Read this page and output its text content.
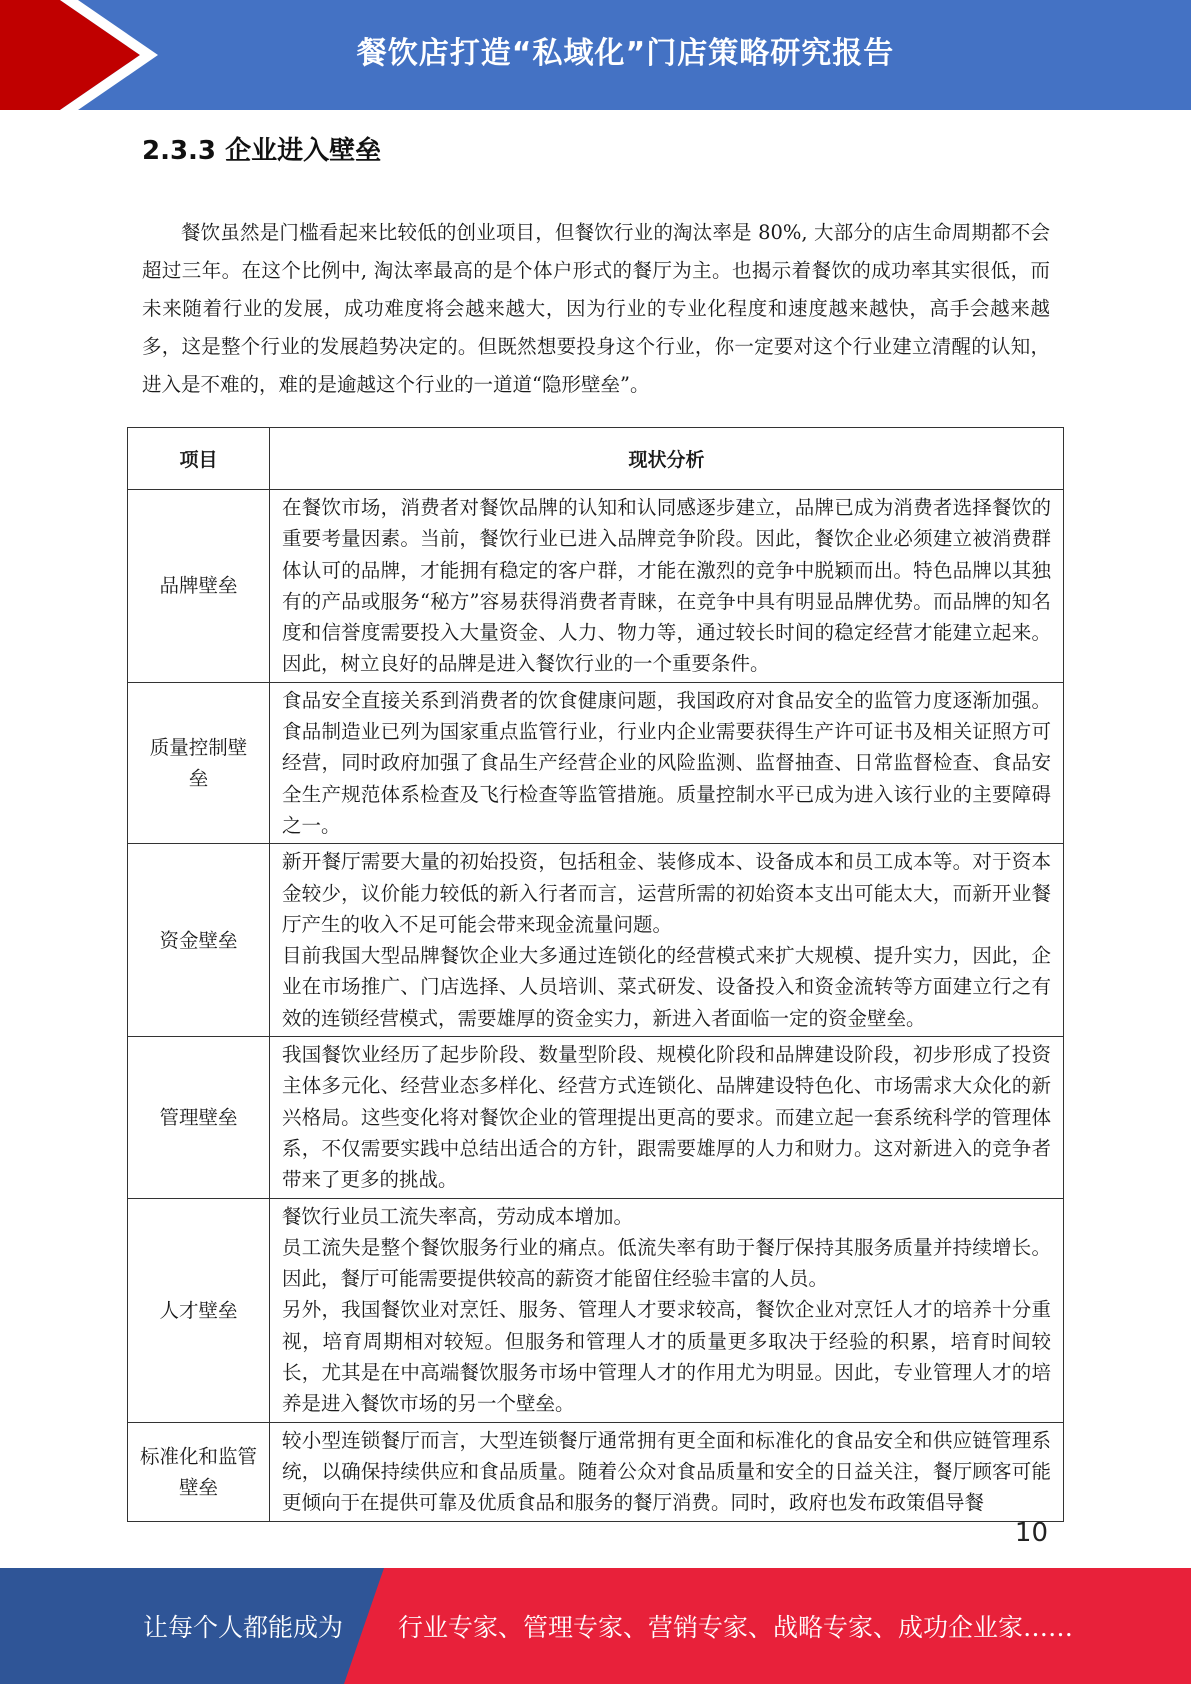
餐饮店打造“私域化”门店策略研究报告
2.3.3 企业进入壁垒
餐饮虽然是门槛看起来比较低的创业项目，但餐饮行业的淘汰率是 80%, 大部分的店生命周期都不会超过三年。在这个比例中, 淘汰率最高的是个体户形式的餐厅为主。也揭示着餐饮的成功率其实很低，而未来随着行业的发展，成功难度将会越来越大，因为行业的专业化程度和速度越来越快，高手会越来越多，这是整个行业的发展趋势决定的。但既然想要投身这个行业，你一定要对这个行业建立清醒的认知，进入是不难的，难的是逾越这个行业的一道道“隐形壁垒”。
项目	现状分析
品牌壁垒	在餐饮市场，消费者对餐饮品牌的认知和认同感逐步建立，品牌已成为消费者选择餐饮的重要考量因素。当前，餐饮行业已进入品牌竞争阶段。因此，餐饮企业必须建立被消费群体认可的品牌，才能拥有稳定的客户群，才能在激烈的竞争中脱颖而出。特色品牌以其独有的产品或服务“秘方”容易获得消费者青睐，在竞争中具有明显品牌优势。而品牌的知名度和信誉度需要投入大量资金、人力、物力等，通过较长时间的稳定经营才能建立起来。因此，树立良好的品牌是进入餐饮行业的一个重要条件。

质量控制壁垒	食品安全直接关系到消费者的饮食健康问题，我国政府对食品安全的监管力度逐渐加强。食品制造业已列为国家重点监管行业，行业内企业需要获得生产许可证书及相关证照方可经营，同时政府加强了食品生产经营企业的风险监测、监督抽查、日常监督检查、食品安全生产规范体系检查及飞行检查等监管措施。质量控制水平已成为进入该行业的主要障碍之一。

资金壁垒	新开餐厅需要大量的初始投资，包括租金、装修成本、设备成本和员工成本等。对于资本金较少，议价能力较低的新入行者而言，运营所需的初始资本支出可能太大，而新开业餐厅产生的收入不足可能会带来现金流量问题。
目前我国大型品牌餐饮企业大多通过连锁化的经营模式来扩大规模、提升实力，因此，企业在市场推广、门店选择、人员培训、菜式研发、设备投入和资金流转等方面建立行之有效的连锁经营模式，需要雄厚的资金实力，新进入者面临一定的资金壁垒。

管理壁垒	我国餐饮业经历了起步阶段、数量型阶段、规模化阶段和品牌建设阶段，初步形成了投资主体多元化、经营业态多样化、经营方式连锁化、品牌建设特色化、市场需求大众化的新兴格局。这些变化将对餐饮企业的管理提出更高的要求。而建立起一套系统科学的管理体系，不仅需要实践中总结出适合的方针，跟需要雄厚的人力和财力。这对新进入的竞争者带来了更多的挑战。

人才壁垒	餐饮行业员工流失率高，劳动成本增加。
员工流失是整个餐饮服务行业的痛点。低流失率有助于餐厅保持其服务质量并持续增长。因此，餐厅可能需要提供较高的薪资才能留住经验丰富的人员。
另外，我国餐饮业对烹饪、服务、管理人才要求较高，餐饮企业对烹饪人才的培养十分重视，培育周期相对较短。但服务和管理人才的质量更多取决于经验的积累，培育时间较长，尤其是在中高端餐饮服务市场中管理人才的作用尤为明显。因此，专业管理人才的培养是进入餐饮市场的另一个壁垒。

标准化和监管壁垒	较小型连锁餐厅而言，大型连锁餐厅通常拥有更全面和标准化的食品安全和供应链管理系统，以确保持续供应和食品质量。随着公众对食品质量和安全的日益关注，餐厅顾客可能更倾向于在提供可靠及优质食品和服务的餐厅消费。同时，政府也发布政策倡导餐
10
让每个人都能成为 行业专家、管理专家、营销专家、战略专家、成功企业家……
